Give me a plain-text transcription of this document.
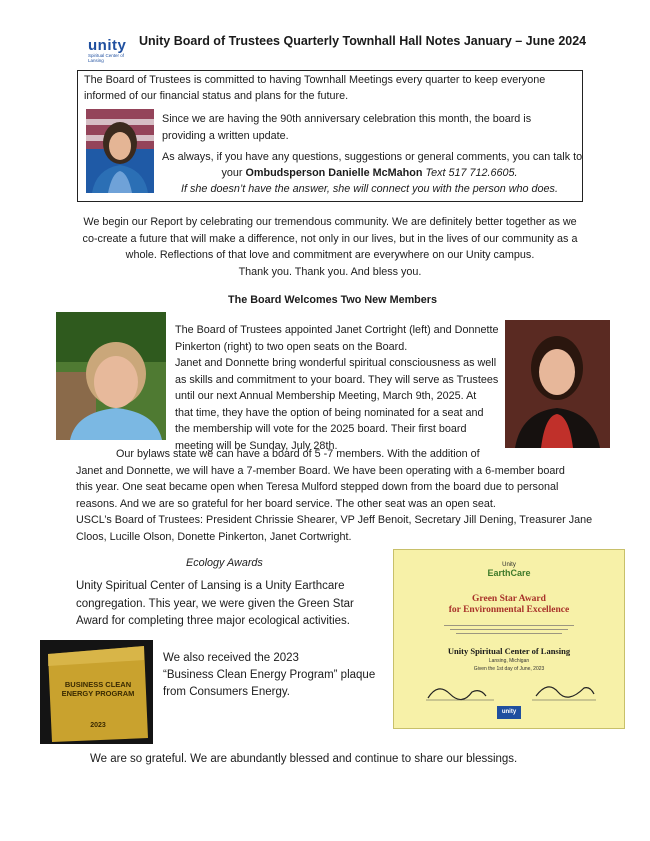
unity
Spiritual Center of Lansing
Unity Board of Trustees Quarterly Townhall Hall Notes January – June 2024
The Board of Trustees is committed to having Townhall Meetings every quarter to keep everyone
informed of our financial status and plans for the future.
Since we are having the 90th anniversary celebration this month, the board is providing a written update.
As always, if you have any questions, suggestions or general comments, you can talk to
your Ombudsperson Danielle McMahon Text 517 712.6605.
If she doesn’t have the answer, she will connect you with the person who does.
We begin our Report by celebrating our tremendous community. We are definitely better together as we
co-create a future that will make a difference, not only in our lives, but in the lives of our community as a
whole. Reflections of that love and commitment are everywhere on our Unity campus.
Thank you. Thank you. And bless you.
The Board Welcomes Two New Members
The Board of Trustees appointed Janet Cortright (left) and Donnette
Pinkerton (right) to two open seats on the Board.
Janet and Donnette bring wonderful spiritual consciousness as well
as skills and commitment to your board. They will serve as Trustees
until our next Annual Membership Meeting, March 9th, 2025. At
that time, they have the option of being nominated for a seat and
the membership will vote for the 2025 board. Their first board
meeting will be Sunday, July 28th.
Our bylaws state we can have a board of 5 -7 members. With the addition of
Janet and Donnette, we will have a 7-member Board. We have been operating with a 6-member board
this year. One seat became open when Teresa Mulford stepped down from the board due to personal
reasons. And we are so grateful for her board service. The other seat was an open seat.
USCL’s Board of Trustees: President Chrissie Shearer, VP Jeff Benoit, Secretary Jill Dening, Treasurer Jane
Cloos, Lucille Olson, Donette Pinkerton, Janet Cortwright.
Ecology Awards
Unity Spiritual Center of Lansing is a Unity Earthcare
congregation. This year, we were given the Green Star
Award for completing three major ecological activities.
BUSINESS CLEAN
ENERGY PROGRAM
2023
We also received the 2023
“Business Clean Energy Program” plaque
from Consumers Energy.
Unity
EarthCare
Green Star Award
for Environmental Excellence
Unity Spiritual Center of Lansing
Lansing, Michigan
Given the 1st day of June, 2023
unity
We are so grateful. We are abundantly blessed and continue to share our blessings.
